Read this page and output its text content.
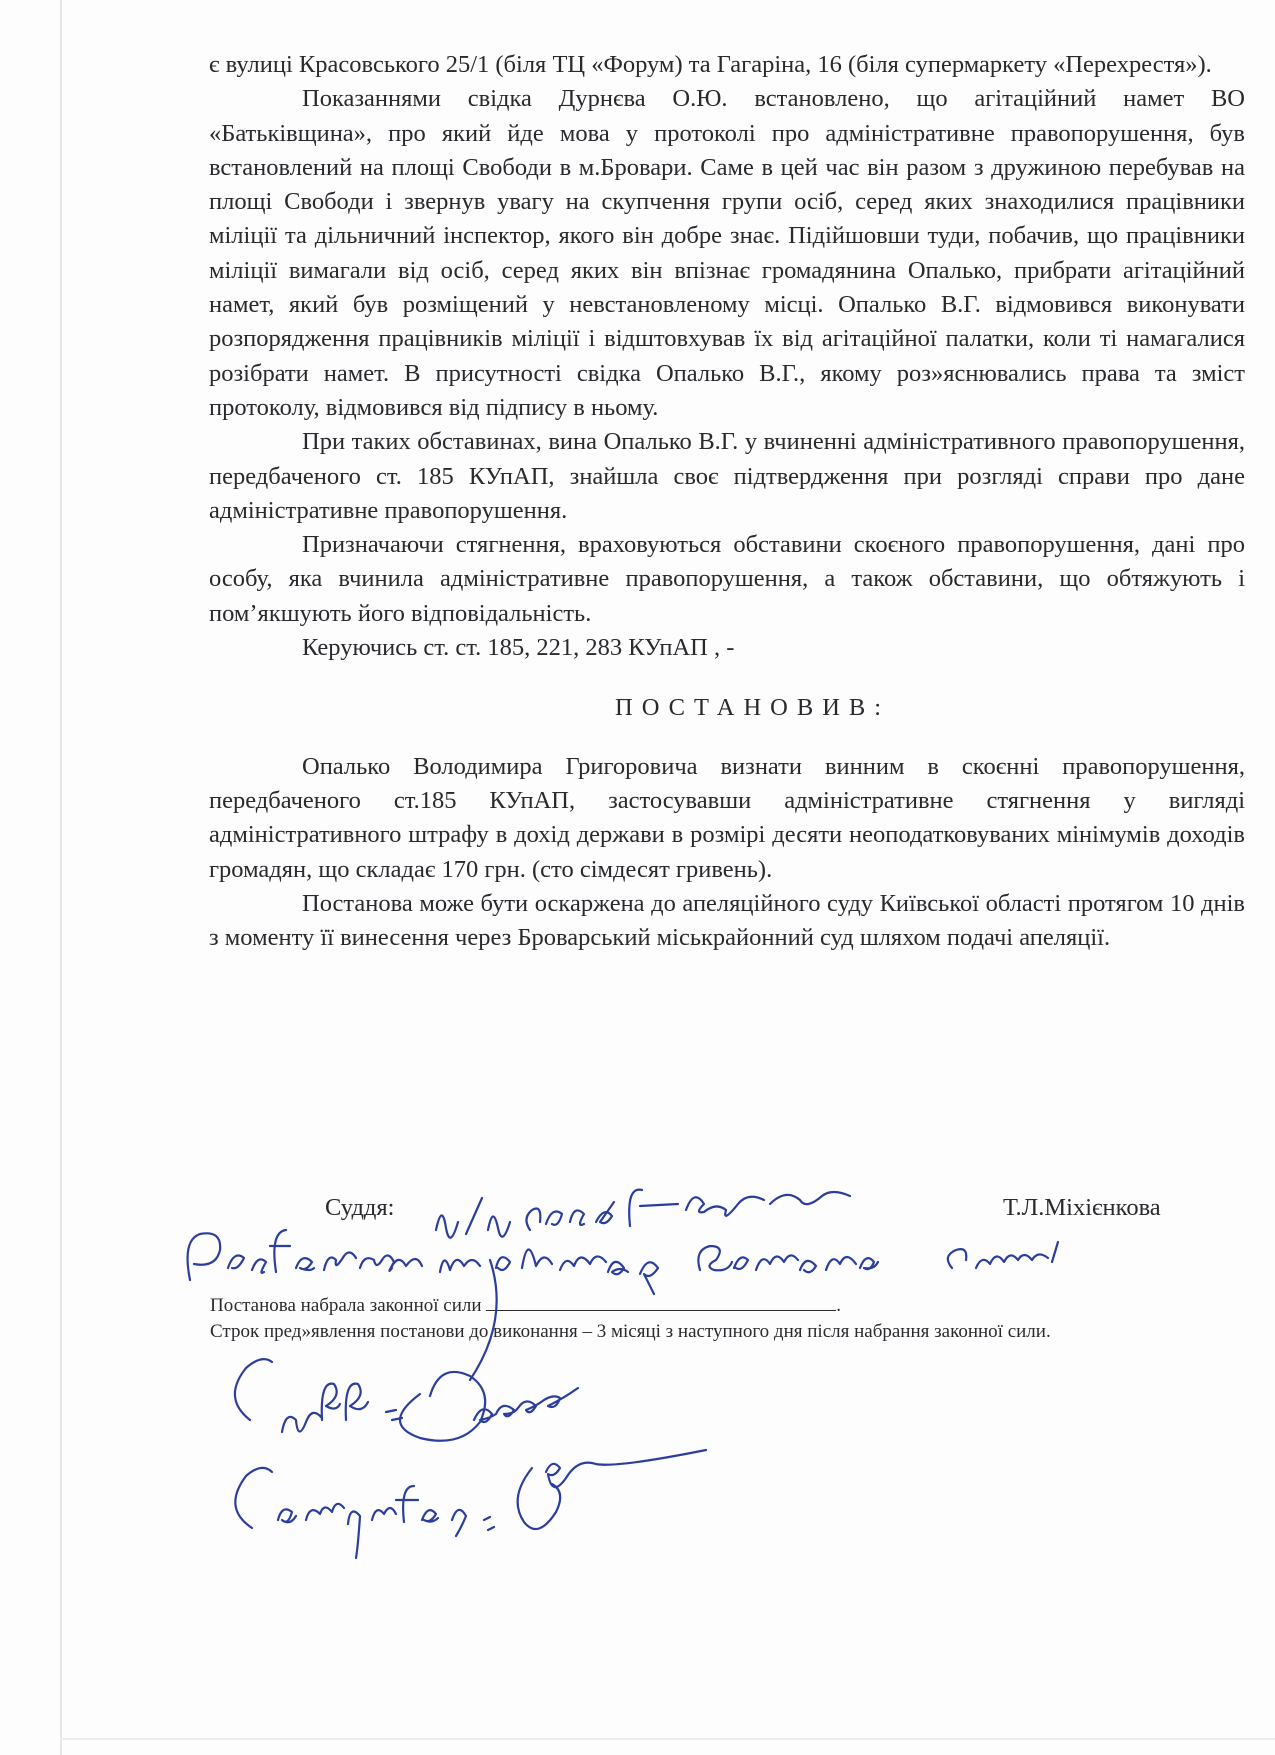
є вулиці Красовського 25/1 (біля ТЦ «Форум) та Гагаріна, 16 (біля супермаркету «Перехрестя»).

Показаннями свідка Дурнєва О.Ю. встановлено, що агітаційний намет ВО «Батьківщина», про який йде мова у протоколі про адміністративне правопорушення, був встановлений на площі Свободи в м.Бровари. Саме в цей час він разом з дружиною перебував на площі Свободи і звернув увагу на скупчення групи осіб, серед яких знаходилися працівники міліції та дільничний інспектор, якого він добре знає. Підійшовши туди, побачив, що працівники міліції вимагали від осіб, серед яких він впізнає громадянина Опалько, прибрати агітаційний намет, який був розміщений у невстановленому місці. Опалько В.Г. відмовився виконувати розпорядження працівників міліції і відштовхував їх від агітаційної палатки, коли ті намагалися розібрати намет. В присутності свідка Опалько В.Г., якому роз»яснювались права та зміст протоколу, відмовився від підпису в ньому.

При таких обставинах, вина Опалько В.Г. у вчиненні адміністративного правопорушення, передбаченого ст. 185 КУпАП, знайшла своє підтвердження при розгляді справи про дане адміністративне правопорушення.

Призначаючи стягнення, враховуються обставини скоєного правопорушення, дані про особу, яка вчинила адміністративне правопорушення, а також обставини, що обтяжують і пом’якшують його відповідальність.

Керуючись ст. ст. 185, 221, 283 КУпАП , -

ПОСТАНОВИВ:

Опалько Володимира Григоровича визнати винним в скоєнні правопорушення, передбаченого ст.185 КУпАП, застосувавши адміністративне стягнення у вигляді адміністративного штрафу в дохід держави в розмірі десяти неоподатковуваних мінімумів доходів громадян, що складає 170 грн. (сто сімдесят гривень).

Постанова може бути оскаржена до апеляційного суду Київської області протягом 10 днів з моменту її винесення через Броварський міськрайонний суд шляхом подачі апеляції.

Суддя:	Т.Л.Міхієнкова
Постанова набрала законної сили	.
Строк пред»явлення постанови до виконання – 3 місяці з наступного дня після набрання законної сили.
